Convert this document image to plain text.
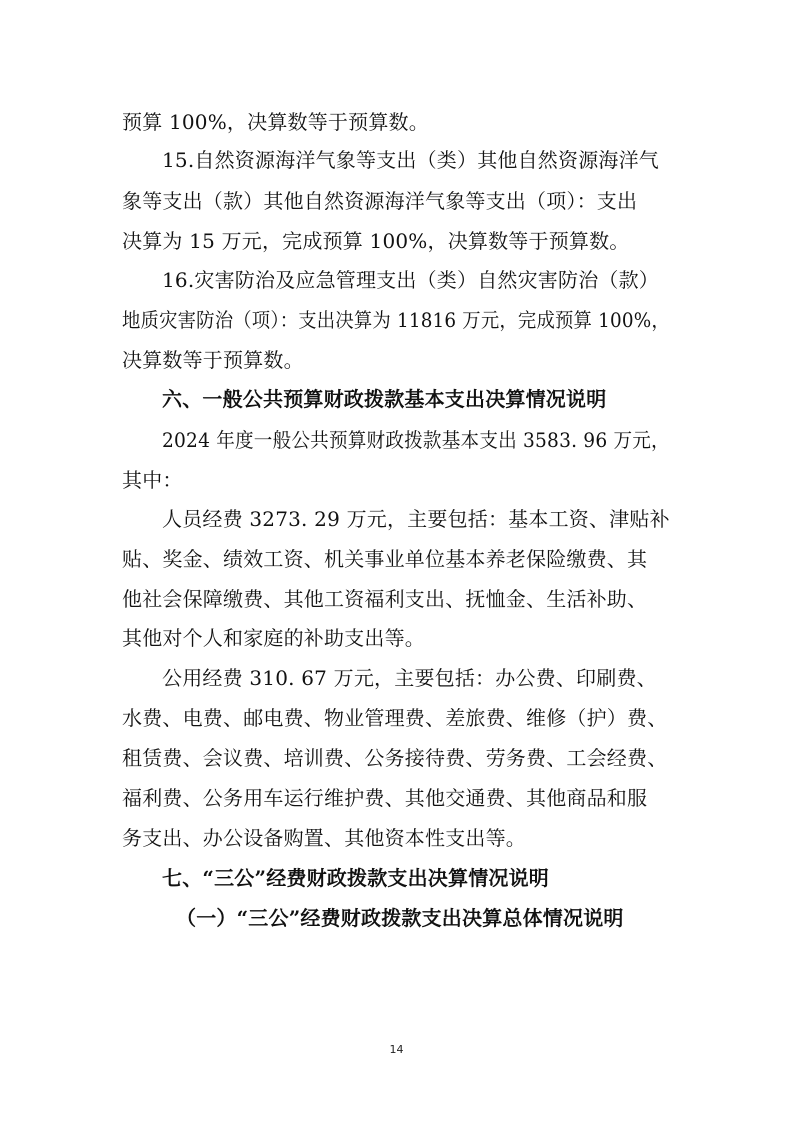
预算 100%，决算数等于预算数。
15.自然资源海洋气象等支出（类）其他自然资源海洋气
象等支出（款）其他自然资源海洋气象等支出（项）：支出
决算为 15 万元，完成预算 100%，决算数等于预算数。
16.灾害防治及应急管理支出（类）自然灾害防治（款）
地质灾害防治（项）：支出决算为 11816 万元，完成预算 100%，
决算数等于预算数。
六、一般公共预算财政拨款基本支出决算情况说明
2024 年度一般公共预算财政拨款基本支出 3583. 96 万元，
其中：
人员经费 3273. 29 万元，主要包括：基本工资、津贴补
贴、奖金、绩效工资、机关事业单位基本养老保险缴费、其
他社会保障缴费、其他工资福利支出、抚恤金、生活补助、
其他对个人和家庭的补助支出等。
公用经费 310. 67 万元，主要包括：办公费、印刷费、
水费、电费、邮电费、物业管理费、差旅费、维修（护）费、
租赁费、会议费、培训费、公务接待费、劳务费、工会经费、
福利费、公务用车运行维护费、其他交通费、其他商品和服
务支出、办公设备购置、其他资本性支出等。
七、“三公”经费财政拨款支出决算情况说明
（一）“三公”经费财政拨款支出决算总体情况说明
14
